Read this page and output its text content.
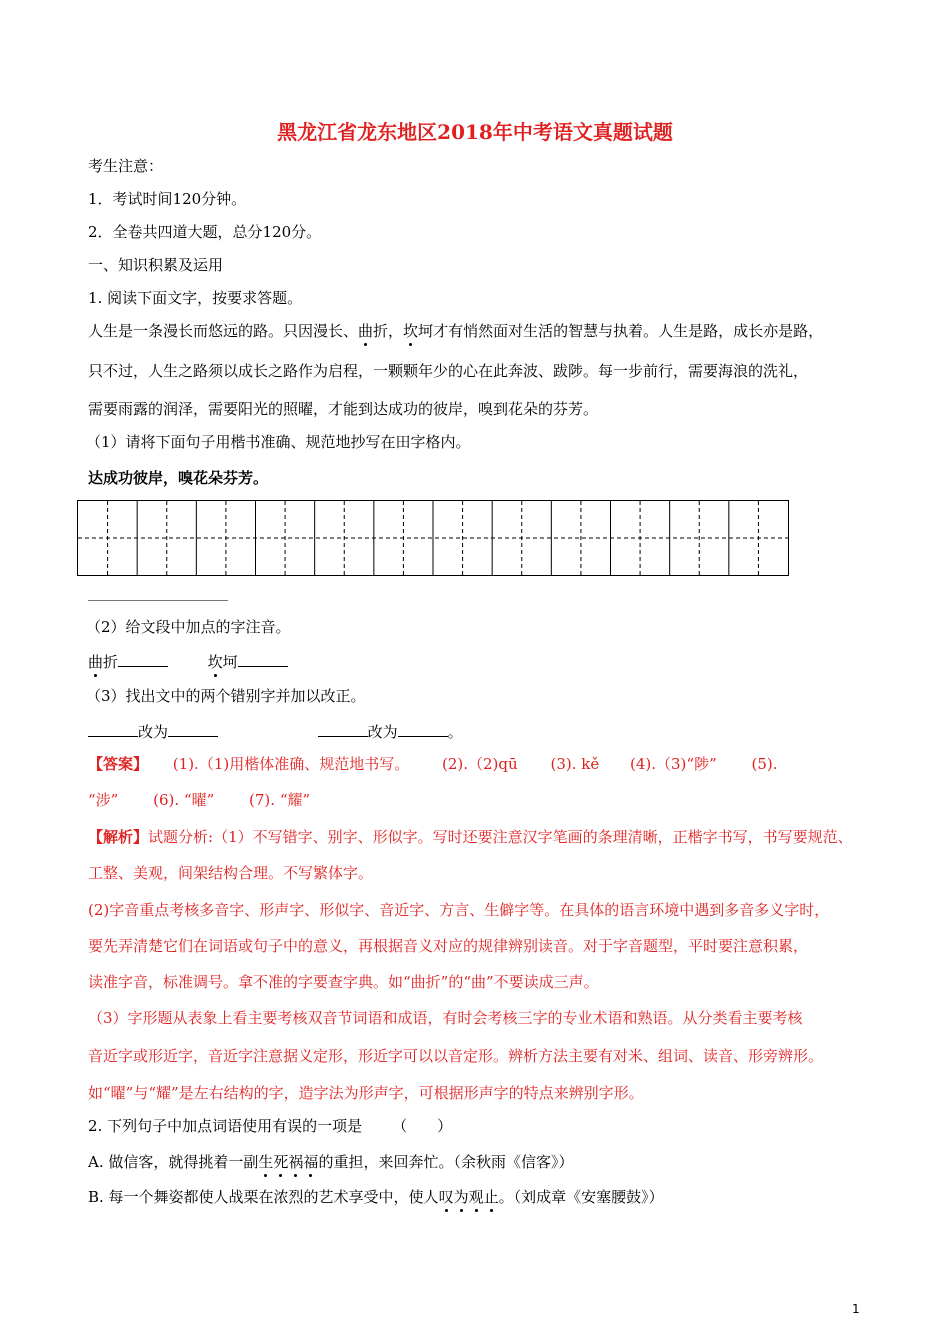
黑龙江省龙东地区2018年中考语文真题试题
考生注意：
1．考试时间120分钟。
2．全卷共四道大题，总分120分。
一、知识积累及运用
1. 阅读下面文字，按要求答题。
人生是一条漫长而悠远的路。只因漫长、曲折，坎坷才有悄然面对生活的智慧与执着。人生是路，成长亦是路，
只不过，人生之路须以成长之路作为启程，一颗颗年少的心在此奔波、跋陟。每一步前行，需要海浪的洗礼，
需要雨露的润泽，需要阳光的照曜，才能到达成功的彼岸，嗅到花朵的芬芳。
（1）请将下面句子用楷书准确、规范地抄写在田字格内。
达成功彼岸，嗅花朵芬芳。
（2）给文段中加点的字注音。
曲折	坎坷
（3）找出文中的两个错别字并加以改正。
改为	改为	。
【答案】 (1).（1)用楷体准确、规范地书写。 (2).（2)qū (3). kě (4).（3)“陟” (5).
“涉” (6). “曜” (7). “耀”
【解析】试题分析:（1）不写错字、别字、形似字。写时还要注意汉字笔画的条理清晰，正楷字书写，书写要规范、
工整、美观，间架结构合理。不写繁体字。
(2)字音重点考核多音字、形声字、形似字、音近字、方言、生僻字等。在具体的语言环境中遇到多音多义字时，
要先弄清楚它们在词语或句子中的意义，再根据音义对应的规律辨别读音。对于字音题型，平时要注意积累，
读准字音，标准调号。拿不准的字要查字典。如“曲折”的“曲”不要读成三声。
（3）字形题从表象上看主要考核双音节词语和成语，有时会考核三字的专业术语和熟语。从分类看主要考核
音近字或形近字，音近字注意据义定形，形近字可以以音定形。辨析方法主要有对米、组词、读音、形旁辨形。
如“曜”与“耀”是左右结构的字，造字法为形声字，可根据形声字的特点来辨别字形。
2. 下列句子中加点词语使用有误的一项是 （　　）
A. 做信客，就得挑着一副生死祸福的重担，来回奔忙。（余秋雨《信客》）
B. 每一个舞姿都使人战栗在浓烈的艺术享受中，使人叹为观止。（刘成章《安塞腰鼓》）
1
